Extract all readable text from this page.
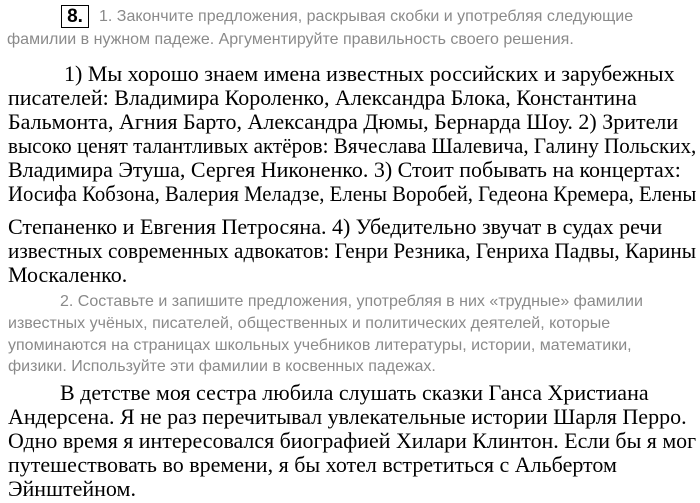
8.	1. Закончите предложения, раскрывая скобки и употребляя следующие

фамилии в нужном падеже. Аргументируйте правильность своего решения.

1) Мы хорошо знаем имена известных российских и зарубежных

писателей: Владимира Короленко, Александра Блока, Константина

Бальмонта, Агния Барто, Александра Дюмы, Бернарда Шоу. 2) Зрители

высоко ценят талантливых актёров: Вячеслава Шалевича, Галину Польских,

Владимира Этуша, Сергея Никоненко. 3) Стоит побывать на концертах:

Иосифа Кобзона, Валерия Меладзе, Елены Воробей, Гедеона Кремера, Елены

Степаненко и Евгения Петросяна. 4) Убедительно звучат в судах речи

известных современных адвокатов: Генри Резника, Генриха Падвы, Карины

Москаленко.

2. Составьте и запишите предложения, употребляя в них «трудные» фамилии

известных учёных, писателей, общественных и политических деятелей, которые

упоминаются на страницах школьных учебников литературы, истории, математики,

физики. Используйте эти фамилии в косвенных падежах.

В детстве моя сестра любила слушать сказки Ганса Христиана

Андерсена. Я не раз перечитывал увлекательные истории Шарля Перро.

Одно время я интересовался биографией Хилари Клинтон. Если бы я мог

путешествовать во времени, я бы хотел встретиться с Альбертом

Эйнштейном.
